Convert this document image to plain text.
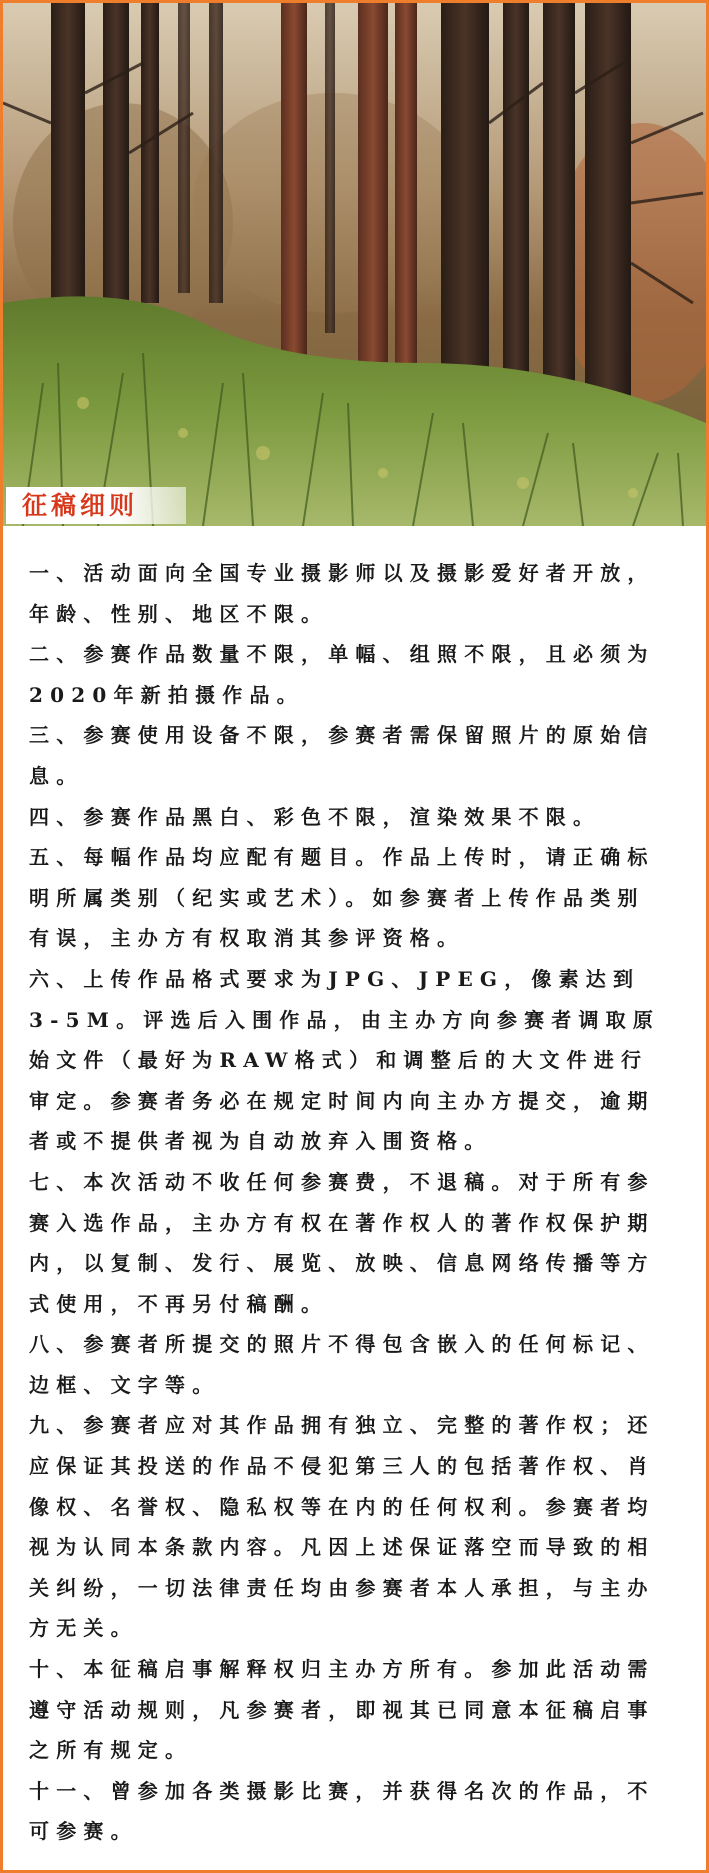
征稿细则

一、活动面向全国专业摄影师以及摄影爱好者开放，年龄、性别、地区不限。

二、参赛作品数量不限，单幅、组照不限，且必须为2020年新拍摄作品。

三、参赛使用设备不限，参赛者需保留照片的原始信息。

四、参赛作品黑白、彩色不限，渲染效果不限。

五、每幅作品均应配有题目。作品上传时，请正确标明所属类别（纪实或艺术）。如参赛者上传作品类别有误，主办方有权取消其参评资格。

六、上传作品格式要求为JPG、JPEG，像素达到3-5M。评选后入围作品，由主办方向参赛者调取原始文件（最好为RAW格式）和调整后的大文件进行审定。参赛者务必在规定时间内向主办方提交，逾期者或不提供者视为自动放弃入围资格。

七、本次活动不收任何参赛费，不退稿。对于所有参赛入选作品，主办方有权在著作权人的著作权保护期内，以复制、发行、展览、放映、信息网络传播等方式使用，不再另付稿酬。

八、参赛者所提交的照片不得包含嵌入的任何标记、边框、文字等。

九、参赛者应对其作品拥有独立、完整的著作权；还应保证其投送的作品不侵犯第三人的包括著作权、肖像权、名誉权、隐私权等在内的任何权利。参赛者均视为认同本条款内容。凡因上述保证落空而导致的相关纠纷，一切法律责任均由参赛者本人承担，与主办方无关。

十、本征稿启事解释权归主办方所有。参加此活动需遵守活动规则，凡参赛者，即视其已同意本征稿启事之所有规定。

十一、曾参加各类摄影比赛，并获得名次的作品，不可参赛。
